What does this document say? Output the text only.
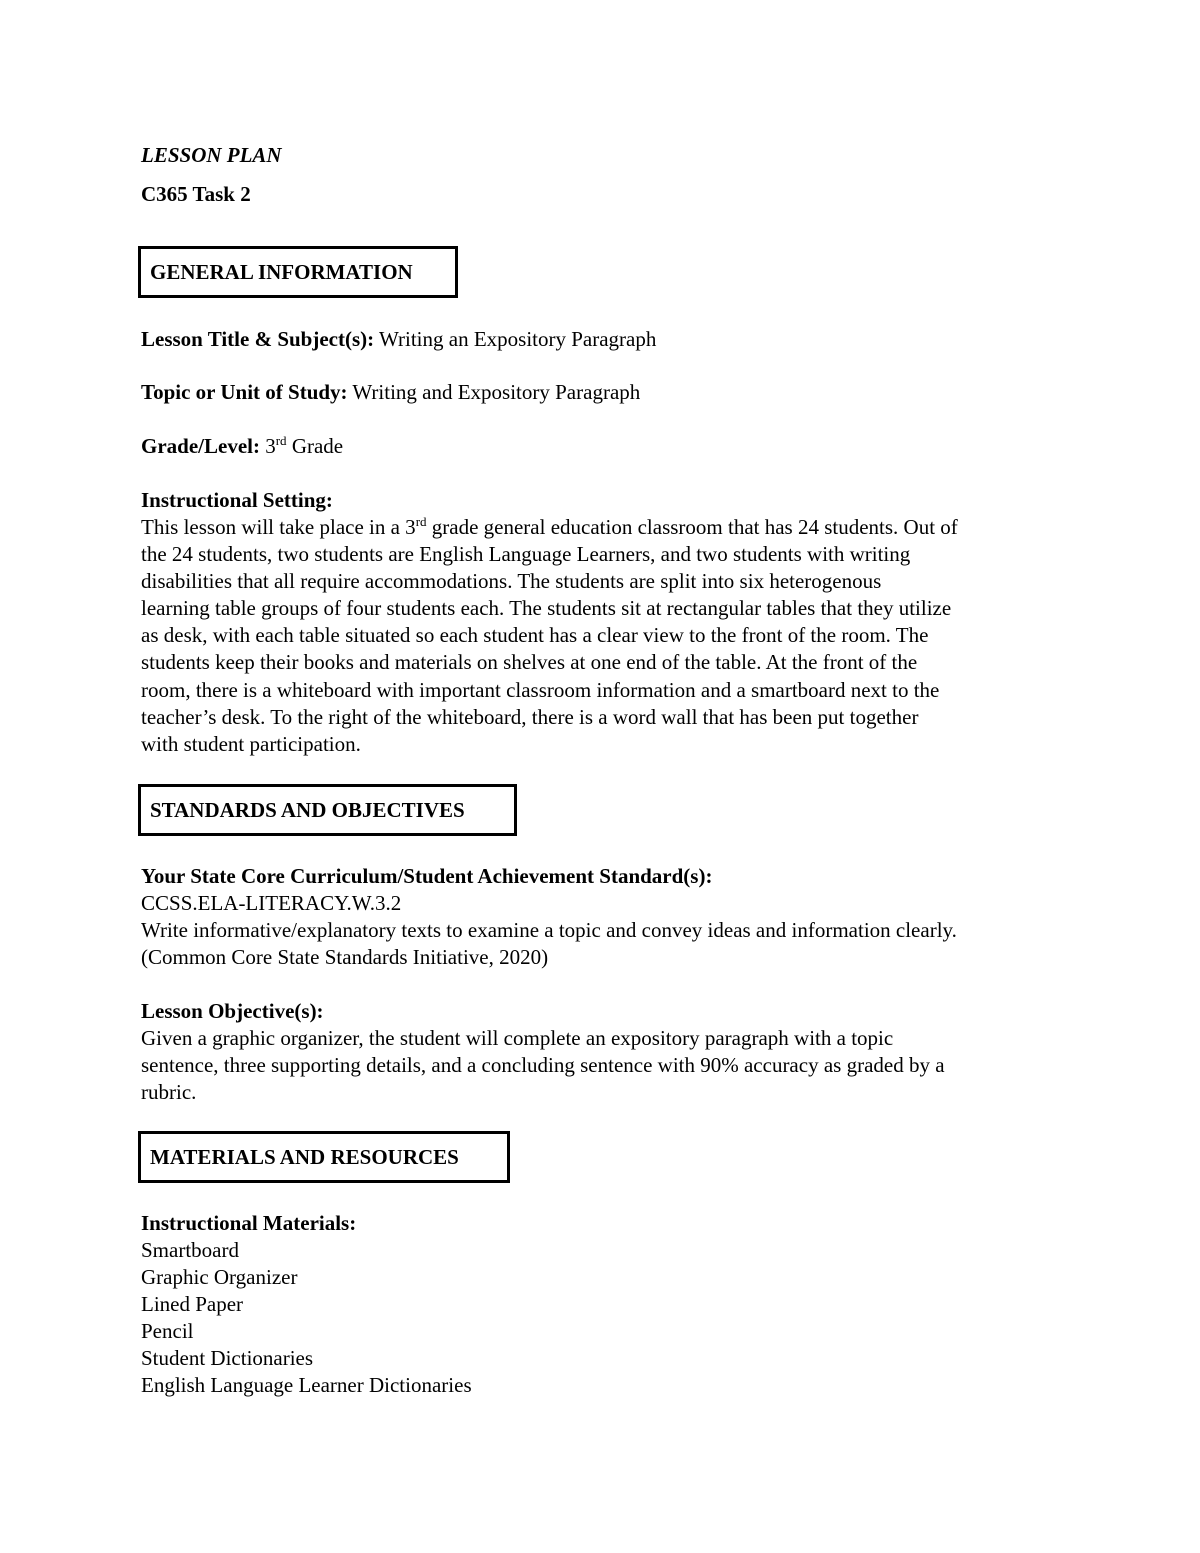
LESSON PLAN
C365 Task 2
GENERAL INFORMATION
Lesson Title & Subject(s): Writing an Expository Paragraph
Topic or Unit of Study: Writing and Expository Paragraph
Grade/Level: 3rd Grade
Instructional Setting:
This lesson will take place in a 3rd grade general education classroom that has 24 students. Out of
the 24 students, two students are English Language Learners, and two students with writing
disabilities that all require accommodations. The students are split into six heterogenous
learning table groups of four students each. The students sit at rectangular tables that they utilize
as desk, with each table situated so each student has a clear view to the front of the room. The
students keep their books and materials on shelves at one end of the table. At the front of the
room, there is a whiteboard with important classroom information and a smartboard next to the
teacher’s desk. To the right of the whiteboard, there is a word wall that has been put together
with student participation.
STANDARDS AND OBJECTIVES
Your State Core Curriculum/Student Achievement Standard(s):
CCSS.ELA-LITERACY.W.3.2
Write informative/explanatory texts to examine a topic and convey ideas and information clearly.
(Common Core State Standards Initiative, 2020)
Lesson Objective(s):
Given a graphic organizer, the student will complete an expository paragraph with a topic
sentence, three supporting details, and a concluding sentence with 90% accuracy as graded by a
rubric.
MATERIALS AND RESOURCES
Instructional Materials:
Smartboard
Graphic Organizer
Lined Paper
Pencil
Student Dictionaries
English Language Learner Dictionaries
